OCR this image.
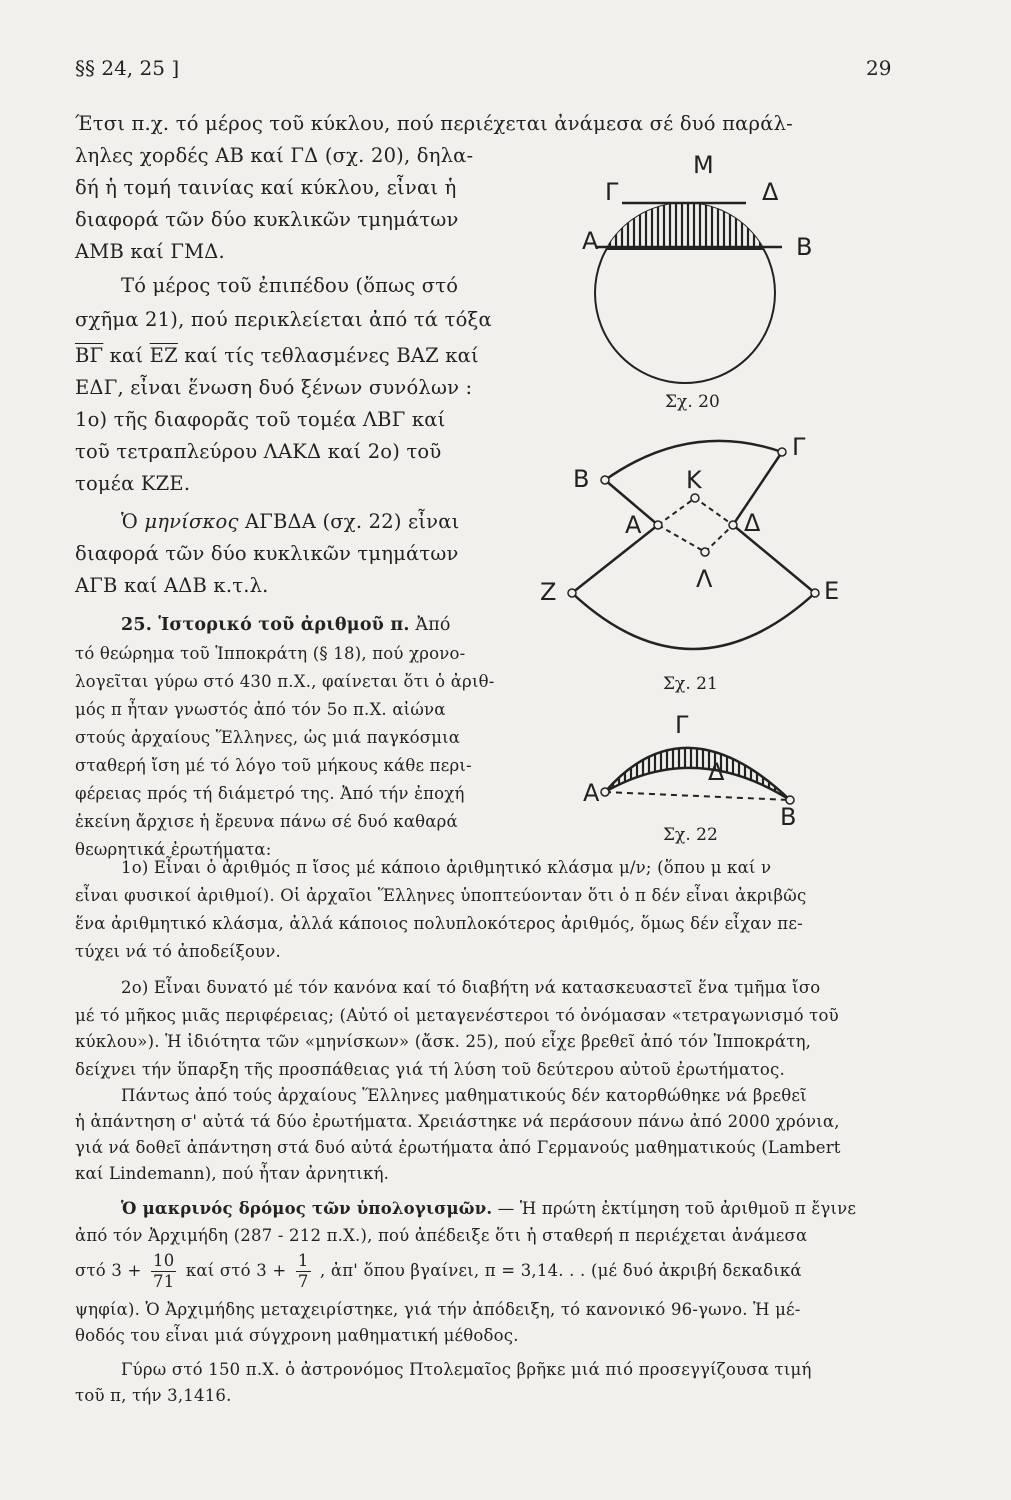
§§ 24, 25 ]	29
Έτσι π.χ. τό μέρος τοῦ κύκλου, πού περιέχεται ἀνάμεσα σέ δυό παράλ-
ληλες χορδές ΑΒ καί ΓΔ (σχ. 20), δηλα-
δή ἡ τομή ταινίας καί κύκλου, εἶναι ἡ
διαφορά τῶν δύο κυκλικῶν τμημάτων
ΑΜΒ καί ΓΜΔ.
Τό μέρος τοῦ ἐπιπέδου (ὅπως στό
σχῆμα 21), πού περικλείεται ἀπό τά τόξα
$\overline{B\Gamma}$ καί $\overline{EZ}$ καί τίς τεθλασμένες ΒΑΖ καί
ΕΔΓ, εἶναι ἕνωση δυό ξένων συνόλων :
1ο) τῆς διαφορᾶς τοῦ τομέα ΛΒΓ καί
τοῦ τετραπλεύρου ΛΑΚΔ καί 2ο) τοῦ
τομέα ΚΖΕ.
Ὁ μηνίσκος ΑΓΒΔΑ (σχ. 22) εἶναι
διαφορά τῶν δύο κυκλικῶν τμημάτων
ΑΓΒ καί ΑΔΒ κ.τ.λ.
25. Ἱστορικό τοῦ ἀριθμοῦ π. Ἀπό
τό θεώρημα τοῦ Ἱπποκράτη (§ 18), πού χρονο-
λογεῖται γύρω στό 430 π.Χ., φαίνεται ὅτι ὁ ἀριθ-
μός π ἦταν γνωστός ἀπό τόν 5ο π.Χ. αἰώνα
στούς ἀρχαίους Ἕλληνες, ὡς μιά παγκόσμια
σταθερή ἴση μέ τό λόγο τοῦ μήκους κάθε περι-
φέρειας πρός τή διάμετρό της. Ἀπό τήν ἐποχή
ἐκείνη ἄρχισε ἡ ἔρευνα πάνω σέ δυό καθαρά
θεωρητικά ἐρωτήματα:
1ο) Εἶναι ὁ ἀριθμός π ἴσος μέ κάποιο ἀριθμητικό κλάσμα μ/ν; (ὅπου μ καί ν
εἶναι φυσικοί ἀριθμοί). Οἱ ἀρχαῖοι Ἕλληνες ὑποπτεύονταν ὅτι ὁ π δέν εἶναι ἀκριβῶς
ἕνα ἀριθμητικό κλάσμα, ἀλλά κάποιος πολυπλοκότερος ἀριθμός, ὅμως δέν εἶχαν πε-
τύχει νά τό ἀποδείξουν.
2ο) Εἶναι δυνατό μέ τόν κανόνα καί τό διαβήτη νά κατασκευαστεῖ ἕνα τμῆμα ἴσο
μέ τό μῆκος μιᾶς περιφέρειας; (Αὐτό οἱ μεταγενέστεροι τό ὀνόμασαν «τετραγωνισμό τοῦ
κύκλου»). Ἡ ἰδιότητα τῶν «μηνίσκων» (ἄσκ. 25), πού εἶχε βρεθεῖ ἀπό τόν Ἱπποκράτη,
δείχνει τήν ὕπαρξη τῆς προσπάθειας γιά τή λύση τοῦ δεύτερου αὐτοῦ ἐρωτήματος.
Πάντως ἀπό τούς ἀρχαίους Ἕλληνες μαθηματικούς δέν κατορθώθηκε νά βρεθεῖ
ἡ ἀπάντηση σ' αὐτά τά δύο ἐρωτήματα. Χρειάστηκε νά περάσουν πάνω ἀπό 2000 χρόνια,
γιά νά δοθεῖ ἀπάντηση στά δυό αὐτά ἐρωτήματα ἀπό Γερμανούς μαθηματικούς (Lambert
καί Lindemann), πού ἦταν ἀρνητική.
Ὁ μακρινός δρόμος τῶν ὑπολογισμῶν. — Ἡ πρώτη ἐκτίμηση τοῦ ἀριθμοῦ π ἔγινε
ἀπό τόν Ἀρχιμήδη (287 - 212 π.Χ.), πού ἀπέδειξε ὅτι ἡ σταθερή π περιέχεται ἀνάμεσα
στό $3 + \frac{10}{71}$ καί στό $3 + \frac{1}{7}$ , ἀπ' ὅπου βγαίνει, π = 3,14. . . (μέ δυό ἀκριβή δεκαδικά
ψηφία). Ὁ Ἀρχιμήδης μεταχειρίστηκε, γιά τήν ἀπόδειξη, τό κανονικό 96-γωνο. Ἡ μέ-
θοδός του εἶναι μιά σύγχρονη μαθηματική μέθοδος.
Γύρω στό 150 π.Χ. ὁ ἀστρονόμος Πτολεμαῖος βρῆκε μιά πιό προσεγγίζουσα τιμή
τοῦ π, τήν 3,1416.
Μ
Γ	Δ
Α	Β
Σχ. 20
Γ
Β	Κ
Α	Δ
Λ
Ζ	Ε
Σχ. 21
Γ
Δ
Α
Β
Σχ. 22
